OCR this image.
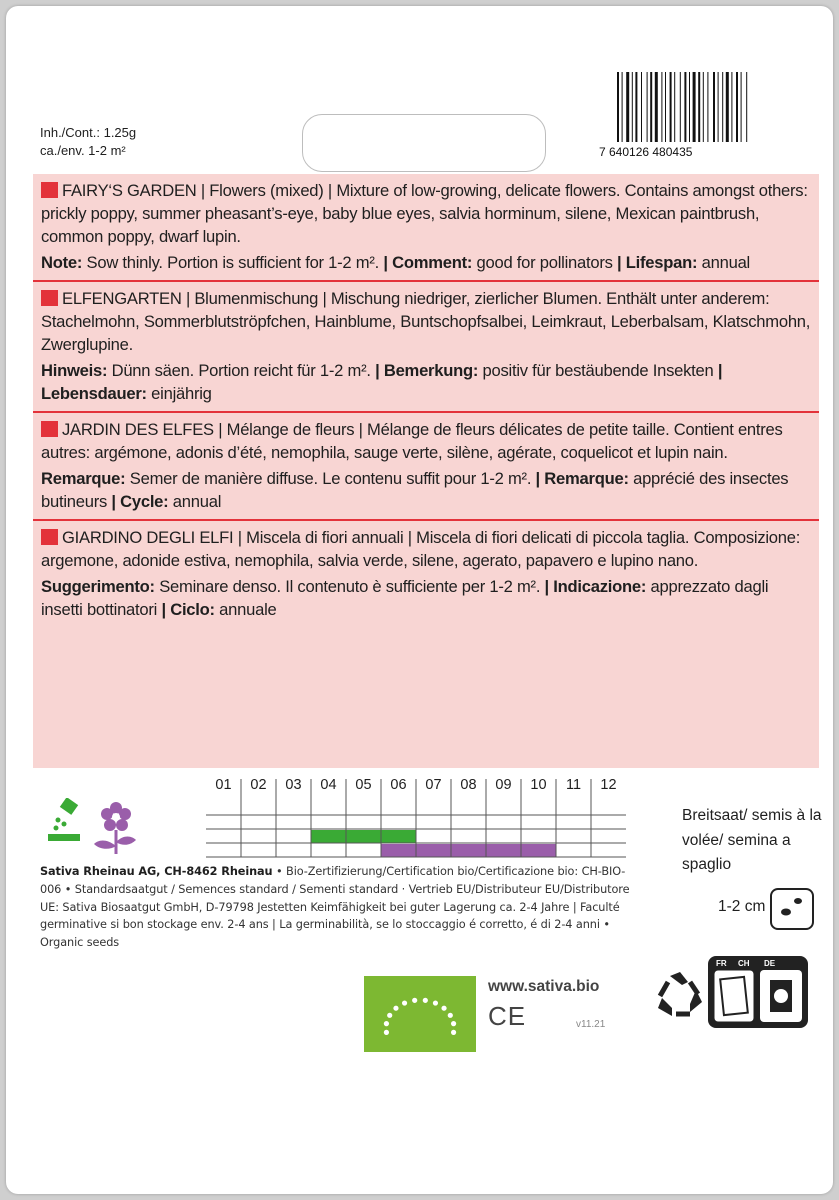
Inh./Cont.: 1.25g
ca./env. 1-2 m²	7 640126 480435

FAIRY‘S GARDEN | Flowers (mixed) | Mixture of low-growing, delicate flowers. Contains amongst others: prickly poppy, summer pheasant’s-eye, baby blue eyes, salvia horminum, silene, Mexican paintbrush, common poppy, dwarf lupin.

Note: Sow thinly. Portion is sufficient for 1-2 m². | Comment: good for pollinators | Lifespan: annual

ELFENGARTEN | Blumenmischung | Mischung niedriger, zierlicher Blumen. Enthält unter anderem: Stachelmohn, Sommerblutströpfchen, Hainblume, Buntschopfsalbei, Leimkraut, Leberbalsam, Klatschmohn, Zwerglupine.

Hinweis: Dünn säen. Portion reicht für 1-2 m². | Bemerkung: positiv für bestäubende Insekten | Lebensdauer: einjährig

JARDIN DES ELFES | Mélange de fleurs | Mélange de fleurs délicates de petite taille. Contient entres autres: argémone, adonis d’été, nemophila, sauge verte, silène, agérate, coquelicot et lupin nain.

Remarque: Semer de manière diffuse. Le contenu suffit pour 1-2 m². | Remarque: apprécié des insectes butineurs | Cycle: annual

GIARDINO DEGLI ELFI | Miscela di fiori annuali | Miscela di fiori delicati di piccola taglia. Composizione: argemone, adonide estiva, nemophila, salvia verde, silene, agerato, papavero e lupino nano.

Suggerimento: Seminare denso. Il contenuto è sufficiente per 1-2 m². | Indicazione: apprezzato dagli insetti bottinatori | Ciclo: annuale

01	02	03	04	05	06	07	08	09	10	11	12
Sativa Rheinau AG, CH-8462 Rheinau • Bio-Zertifizierung/Certification bio/Certificazione bio: CH-BIO-006 • Standardsaatgut / Semences standard / Sementi standard · Vertrieb EU/Distributeur EU/Distributore UE: Sativa Biosaatgut GmbH, D-79798 Jestetten Keimfähigkeit bei guter Lagerung ca. 2-4 Jahre | Faculté germinative si bon stockage env. 2-4 ans | La germinabilità, se lo stoccaggio é corretto, é di 2-4 anni • Organic seeds
Breitsaat/ semis à la volée/ semina a spaglio
1-2 cm
www.sativa.bio
CE	v11.21
FR CH DE
